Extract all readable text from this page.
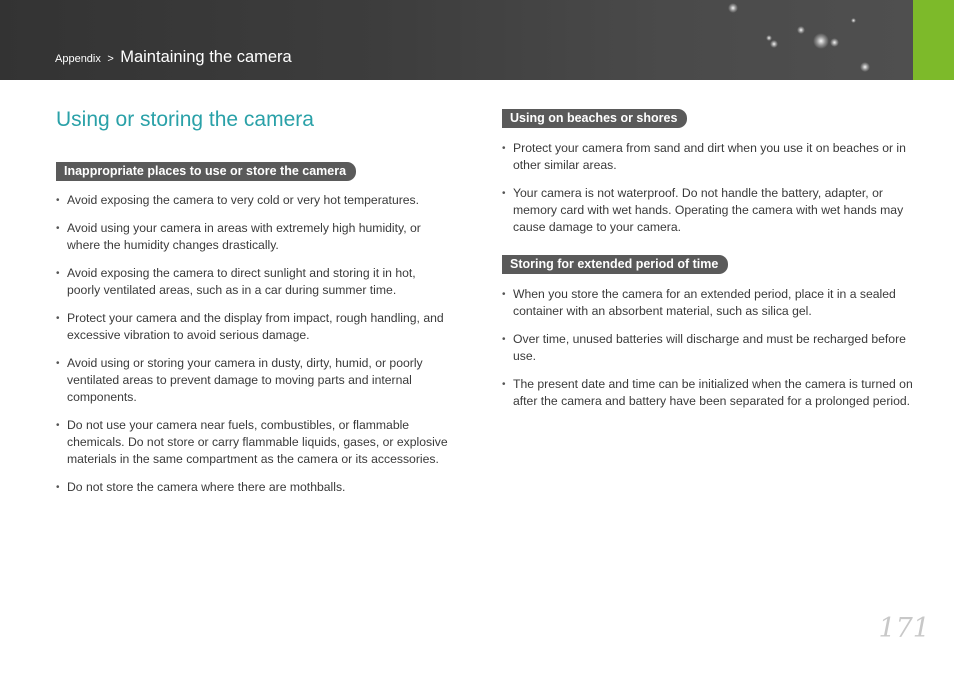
Appendix > Maintaining the camera
Using or storing the camera
Inappropriate places to use or store the camera
• Avoid exposing the camera to very cold or very hot temperatures.
• Avoid using your camera in areas with extremely high humidity, or where the humidity changes drastically.
• Avoid exposing the camera to direct sunlight and storing it in hot, poorly ventilated areas, such as in a car during summer time.
• Protect your camera and the display from impact, rough handling, and excessive vibration to avoid serious damage.
• Avoid using or storing your camera in dusty, dirty, humid, or poorly ventilated areas to prevent damage to moving parts and internal components.
• Do not use your camera near fuels, combustibles, or flammable chemicals. Do not store or carry flammable liquids, gases, or explosive materials in the same compartment as the camera or its accessories.
• Do not store the camera where there are mothballs.
Using on beaches or shores
• Protect your camera from sand and dirt when you use it on beaches or in other similar areas.
• Your camera is not waterproof. Do not handle the battery, adapter, or memory card with wet hands. Operating the camera with wet hands may cause damage to your camera.
Storing for extended period of time
• When you store the camera for an extended period, place it in a sealed container with an absorbent material, such as silica gel.
• Over time, unused batteries will discharge and must be recharged before use.
• The present date and time can be initialized when the camera is turned on after the camera and battery have been separated for a prolonged period.
171
